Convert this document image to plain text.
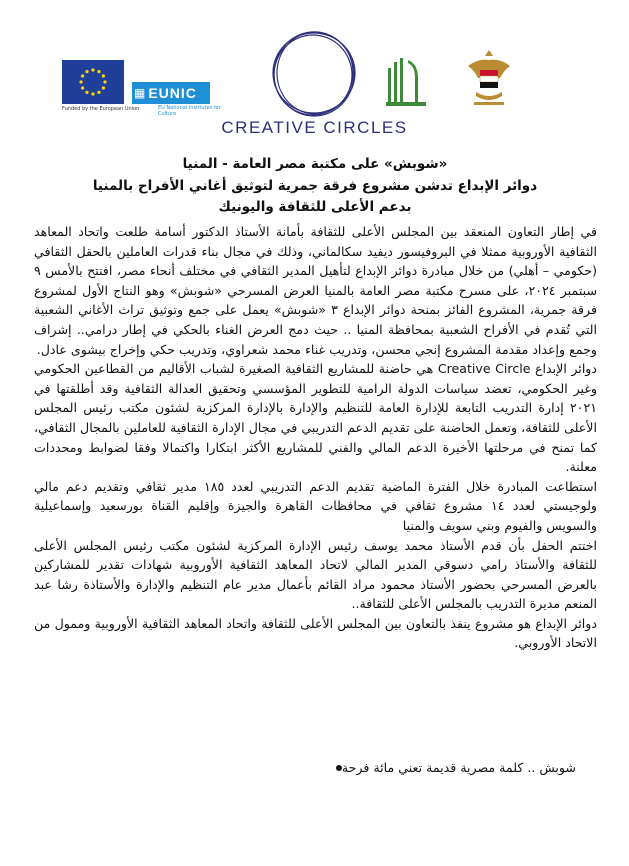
Funded by the European Union
▦ EUNIC
EU National Institutes for Culture
CREATIVE CIRCLES
«شوبش» على مكتبة مصر العامة - المنيا
دوائر الإبداع تدشن مشروع فرقة جمرية لتوثيق أغاني الأفراح بالمنيا
بدعم الأعلى للثقافة واليونيك

في إطار التعاون المنعقد بين المجلس الأعلى للثقافة بأمانة الأستاذ الدكتور أسامة طلعت واتحاد المعاهد الثقافية الأوروبية ممثلا في البروفيسور ديفيد سكالماني، وذلك في مجال بناء قدرات العاملين بالحقل الثقافي (حكومي – أهلي) من خلال مبادرة دوائر الإبداع لتأهيل المدير الثقافي في مختلف أنحاء مصر، افتتح بالأمس ٩ سبتمبر ٢٠٢٤، على مسرح مكتبة مصر العامة بالمنيا العرض المسرحي «شوبش» وهو النتاج الأول لمشروع فرقة جمرية، المشروع الفائز بمنحة دوائر الإبداع ٣ «شوبش» يعمل على جمع وتوثيق تراث الأغاني الشعبية التي تُقدم في الأفراح الشعبية بمحافظة المنيا .. حيث دمج العرض الغناء بالحكي في إطار درامي.. إشراف وجمع وإعداد مقدمة المشروع إنجي محسن، وتدريب غناء محمد شعراوي، وتدريب حكي وإخراج بيشوى عادل.

دوائر الإبداع Creative Circle هي حاضنة للمشاريع الثقافية الصغيرة لشباب الأقاليم من القطاعين الحكومي وغير الحكومي، تعضد سياسات الدولة الرامية للتطوير المؤسسي وتحقيق العدالة الثقافية وقد أطلقتها في ٢٠٢١ إدارة التدريب التابعة للإدارة العامة للتنظيم والإدارة بالإدارة المركزية لشئون مكتب رئيس المجلس الأعلى للثقافة، وتعمل الحاضنة على تقديم الدعم التدريبي في مجال الإدارة الثقافية للعاملين بالمجال الثقافي، كما تمنح في مرحلتها الأخيرة الدعم المالي والفني للمشاريع الأكثر ابتكارا واكتمالا وفقا لضوابط ومحددات معلنة.

استطاعت المبادرة خلال الفترة الماضية تقديم الدعم التدريبي لعدد ١٨٥ مدير ثقافي وتقديم دعم مالي ولوجيستي لعدد ١٤ مشروع ثقافي في محافظات القاهرة والجيزة وإقليم القناة بورسعيد وإسماعيلية والسويس والفيوم وبني سويف والمنيا

اختتم الحفل بأن قدم الأستاذ محمد يوسف رئيس الإدارة المركزية لشئون مكتب رئيس المجلس الأعلى للثقافة والأستاذ رامي دسوقي المدير المالي لاتحاد المعاهد الثقافية الأوروبية شهادات تقدير للمشاركين بالعرض المسرحي بحضور الأستاذ محمود مراد القائم بأعمال مدير عام التنظيم والإدارة والأستاذة رشا عبد المنعم مديرة التدريب بالمجلس الأعلى للثقافة..

دوائر الإبداع هو مشروع ينفذ بالتعاون بين المجلس الأعلى للثقافة واتحاد المعاهد الثقافية الأوروبية وممول من الاتحاد الأوروبي.

شوبش .. كلمة مصرية قديمة تعني مائة فرحة
